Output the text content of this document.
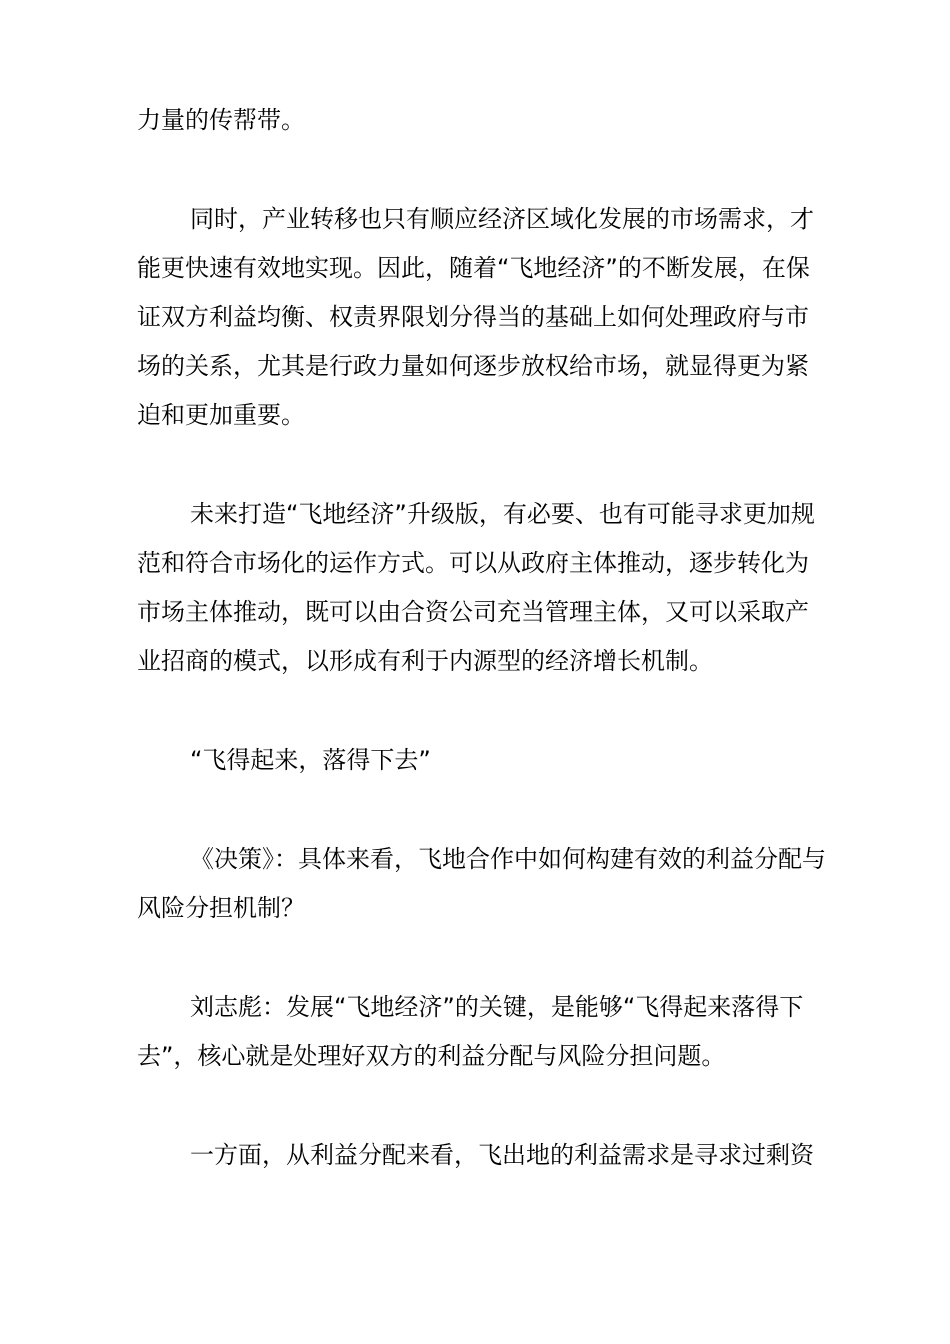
力量的传帮带。

同时，产业转移也只有顺应经济区域化发展的市场需求，才能更快速有效地实现。因此，随着“飞地经济”的不断发展，在保证双方利益均衡、权责界限划分得当的基础上如何处理政府与市场的关系，尤其是行政力量如何逐步放权给市场，就显得更为紧迫和更加重要。

未来打造“飞地经济”升级版，有必要、也有可能寻求更加规范和符合市场化的运作方式。可以从政府主体推动，逐步转化为市场主体推动，既可以由合资公司充当管理主体，又可以采取产业招商的模式，以形成有利于内源型的经济增长机制。

“飞得起来，落得下去”

《决策》：具体来看，飞地合作中如何构建有效的利益分配与风险分担机制？

刘志彪：发展“飞地经济”的关键，是能够“飞得起来落得下去”，核心就是处理好双方的利益分配与风险分担问题。

一方面，从利益分配来看，飞出地的利益需求是寻求过剩资
